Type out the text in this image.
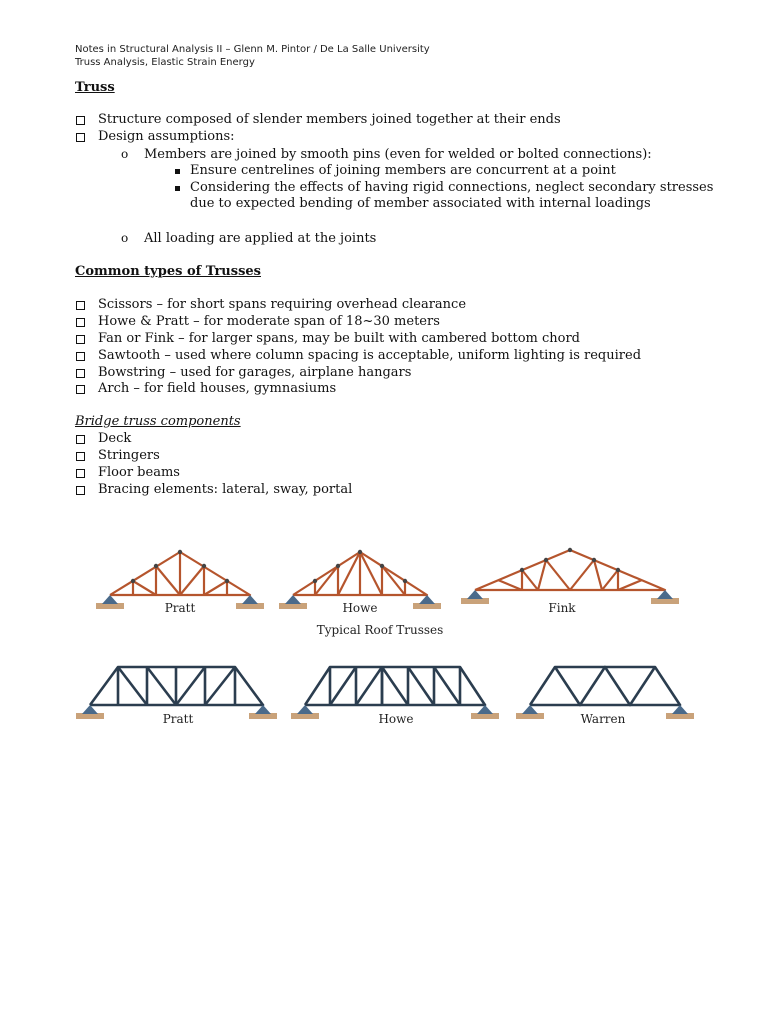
Notes in Structural Analysis II – Glenn M. Pintor / De La Salle University
Truss Analysis, Elastic Strain Energy
Truss
Structure composed of slender members joined together at their ends
Design assumptions:
o Members are joined by smooth pins (even for welded or bolted connections):
Ensure centrelines of joining members are concurrent at a point
Considering the effects of having rigid connections, neglect secondary stresses
due to expected bending of member associated with internal loadings
o All loading are applied at the joints
Common types of Trusses
Scissors – for short spans requiring overhead clearance
Howe & Pratt – for moderate span of 18~30 meters
Fan or Fink – for larger spans, may be built with cambered bottom chord
Sawtooth – used where column spacing is acceptable, uniform lighting is required
Bowstring – used for garages, airplane hangars
Arch – for field houses, gymnasiums
Bridge truss components
Deck
Stringers
Floor beams
Bracing elements: lateral, sway, portal
Pratt	Howe	Fink
Typical Roof Trusses
Pratt	Howe	Warren
